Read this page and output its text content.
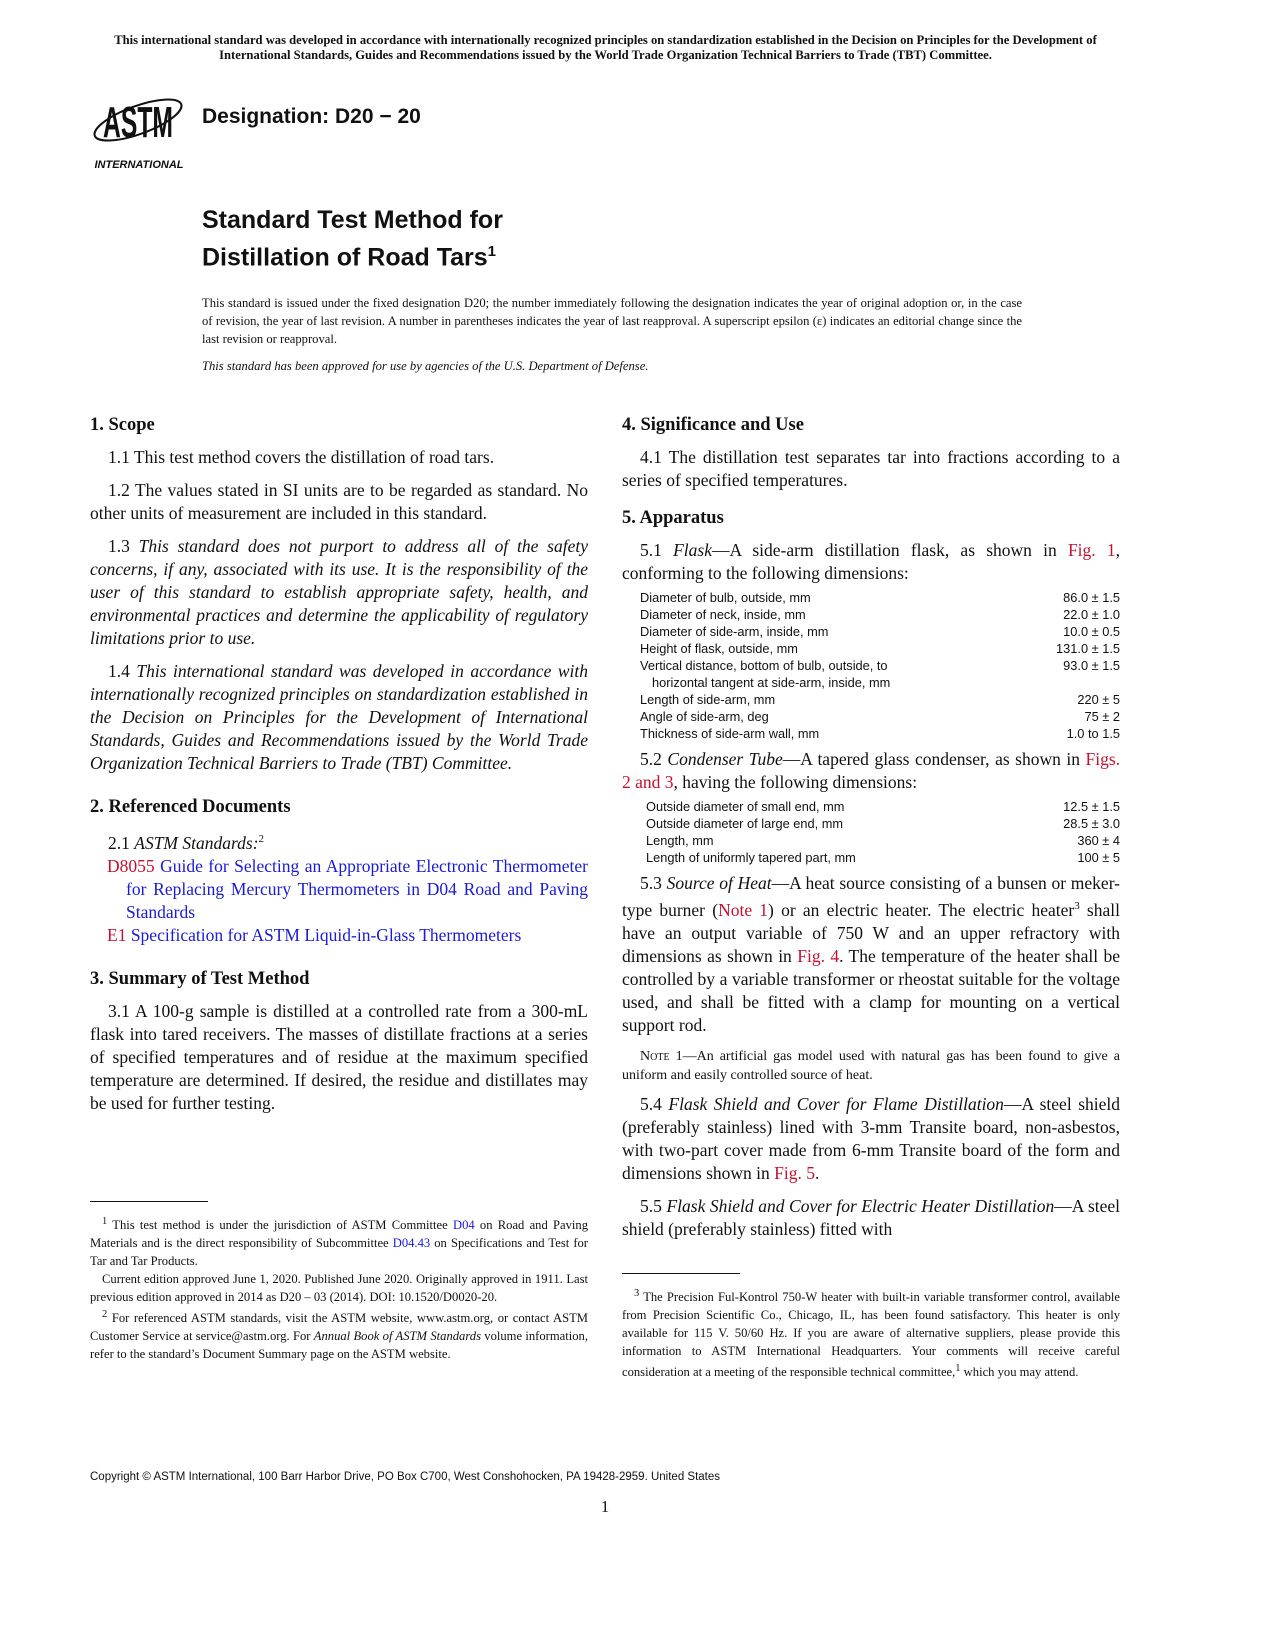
This international standard was developed in accordance with internationally recognized principles on standardization established in the Decision on Principles for the Development of International Standards, Guides and Recommendations issued by the World Trade Organization Technical Barriers to Trade (TBT) Committee.
ASTM
INTERNATIONAL
Designation: D20 − 20
Standard Test Method for
Distillation of Road Tars$^1$
This standard is issued under the fixed designation D20; the number immediately following the designation indicates the year of original adoption or, in the case of revision, the year of last revision. A number in parentheses indicates the year of last reapproval. A superscript epsilon (ε) indicates an editorial change since the last revision or reapproval.
This standard has been approved for use by agencies of the U.S. Department of Defense.
1. Scope

1.1 This test method covers the distillation of road tars.

1.2 The values stated in SI units are to be regarded as standard. No other units of measurement are included in this standard.

1.3 This standard does not purport to address all of the safety concerns, if any, associated with its use. It is the responsibility of the user of this standard to establish appropriate safety, health, and environmental practices and determine the applicability of regulatory limitations prior to use.

1.4 This international standard was developed in accordance with internationally recognized principles on standardization established in the Decision on Principles for the Development of International Standards, Guides and Recommendations issued by the World Trade Organization Technical Barriers to Trade (TBT) Committee.

2. Referenced Documents

2.1 ASTM Standards:$^2$

D8055 Guide for Selecting an Appropriate Electronic Thermometer for Replacing Mercury Thermometers in D04 Road and Paving Standards
E1 Specification for ASTM Liquid-in-Glass Thermometers
3. Summary of Test Method

3.1 A 100-g sample is distilled at a controlled rate from a 300-mL flask into tared receivers. The masses of distillate fractions at a series of specified temperatures and of residue at the maximum specified temperature are determined. If desired, the residue and distillates may be used for further testing.

4. Significance and Use

4.1 The distillation test separates tar into fractions according to a series of specified temperatures.

5. Apparatus

5.1 Flask—A side-arm distillation flask, as shown in Fig. 1, conforming to the following dimensions:

Diameter of bulb, outside, mm	86.0 ± 1.5

Diameter of neck, inside, mm	22.0 ± 1.0

Diameter of side-arm, inside, mm	10.0 ± 0.5

Height of flask, outside, mm	131.0 ± 1.5

Vertical distance, bottom of bulb, outside, to
horizontal tangent at side-arm, inside, mm	93.0 ± 1.5

Length of side-arm, mm	220 ± 5

Angle of side-arm, deg	75 ± 2

Thickness of side-arm wall, mm	1.0 to 1.5

5.2 Condenser Tube—A tapered glass condenser, as shown in Figs. 2 and 3, having the following dimensions:

Outside diameter of small end, mm	12.5 ± 1.5

Outside diameter of large end, mm	28.5 ± 3.0

Length, mm	360 ± 4

Length of uniformly tapered part, mm	100 ± 5

5.3 Source of Heat—A heat source consisting of a bunsen or meker-type burner (Note 1) or an electric heater. The electric heater$^3$ shall have an output variable of 750 W and an upper refractory with dimensions as shown in Fig. 4. The temperature of the heater shall be controlled by a variable transformer or rheostat suitable for the voltage used, and shall be fitted with a clamp for mounting on a vertical support rod.

Note 1—An artificial gas model used with natural gas has been found to give a uniform and easily controlled source of heat.

5.4 Flask Shield and Cover for Flame Distillation—A steel shield (preferably stainless) lined with 3-mm Transite board, non-asbestos, with two-part cover made from 6-mm Transite board of the form and dimensions shown in Fig. 5.

5.5 Flask Shield and Cover for Electric Heater Distillation—A steel shield (preferably stainless) fitted with

$^1$ This test method is under the jurisdiction of ASTM Committee D04 on Road and Paving Materials and is the direct responsibility of Subcommittee D04.43 on Specifications and Test for Tar and Tar Products.

Current edition approved June 1, 2020. Published June 2020. Originally approved in 1911. Last previous edition approved in 2014 as D20 – 03 (2014). DOI: 10.1520/D0020-20.

$^2$ For referenced ASTM standards, visit the ASTM website, www.astm.org, or contact ASTM Customer Service at service@astm.org. For Annual Book of ASTM Standards volume information, refer to the standard’s Document Summary page on the ASTM website.

$^3$ The Precision Ful-Kontrol 750-W heater with built-in variable transformer control, available from Precision Scientific Co., Chicago, IL, has been found satisfactory. This heater is only available for 115 V. 50/60 Hz. If you are aware of alternative suppliers, please provide this information to ASTM International Headquarters. Your comments will receive careful consideration at a meeting of the responsible technical committee,$^1$ which you may attend.

Copyright © ASTM International, 100 Barr Harbor Drive, PO Box C700, West Conshohocken, PA 19428-2959. United States
1
